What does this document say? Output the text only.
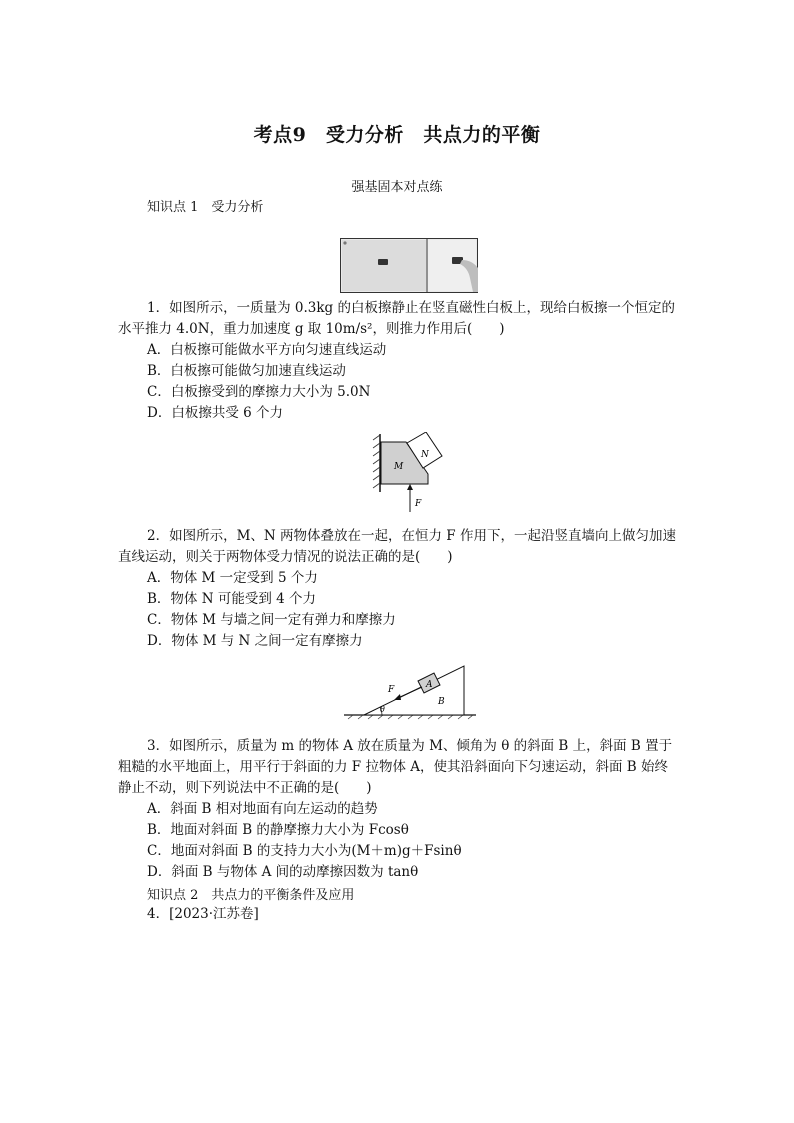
考点9　受力分析　共点力的平衡
强基固本对点练
知识点 1　受力分析

1．如图所示，一质量为 0.3kg 的白板擦静止在竖直磁性白板上，现给白板擦一个恒定的水平推力 4.0N，重力加速度 g 取 10m/s²，则推力作用后(　　)

A．白板擦可能做水平方向匀速直线运动
B．白板擦可能做匀加速直线运动
C．白板擦受到的摩擦力大小为 5.0N
D．白板擦共受 6 个力
M
N
F

2．如图所示，M、N 两物体叠放在一起，在恒力 F 作用下，一起沿竖直墙向上做匀加速直线运动，则关于两物体受力情况的说法正确的是(　　)

A．物体 M 一定受到 5 个力
B．物体 N 可能受到 4 个力
C．物体 M 与墙之间一定有弹力和摩擦力
D．物体 M 与 N 之间一定有摩擦力
θ
A
F
B

3．如图所示，质量为 m 的物体 A 放在质量为 M、倾角为 θ 的斜面 B 上，斜面 B 置于粗糙的水平地面上，用平行于斜面的力 F 拉物体 A，使其沿斜面向下匀速运动，斜面 B 始终静止不动，则下列说法中不正确的是(　　)

A．斜面 B 相对地面有向左运动的趋势
B．地面对斜面 B 的静摩擦力大小为 Fcosθ
C．地面对斜面 B 的支持力大小为(M＋m)g＋Fsinθ
D．斜面 B 与物体 A 间的动摩擦因数为 tanθ
知识点 2　共点力的平衡条件及应用
4．[2023·江苏卷]
